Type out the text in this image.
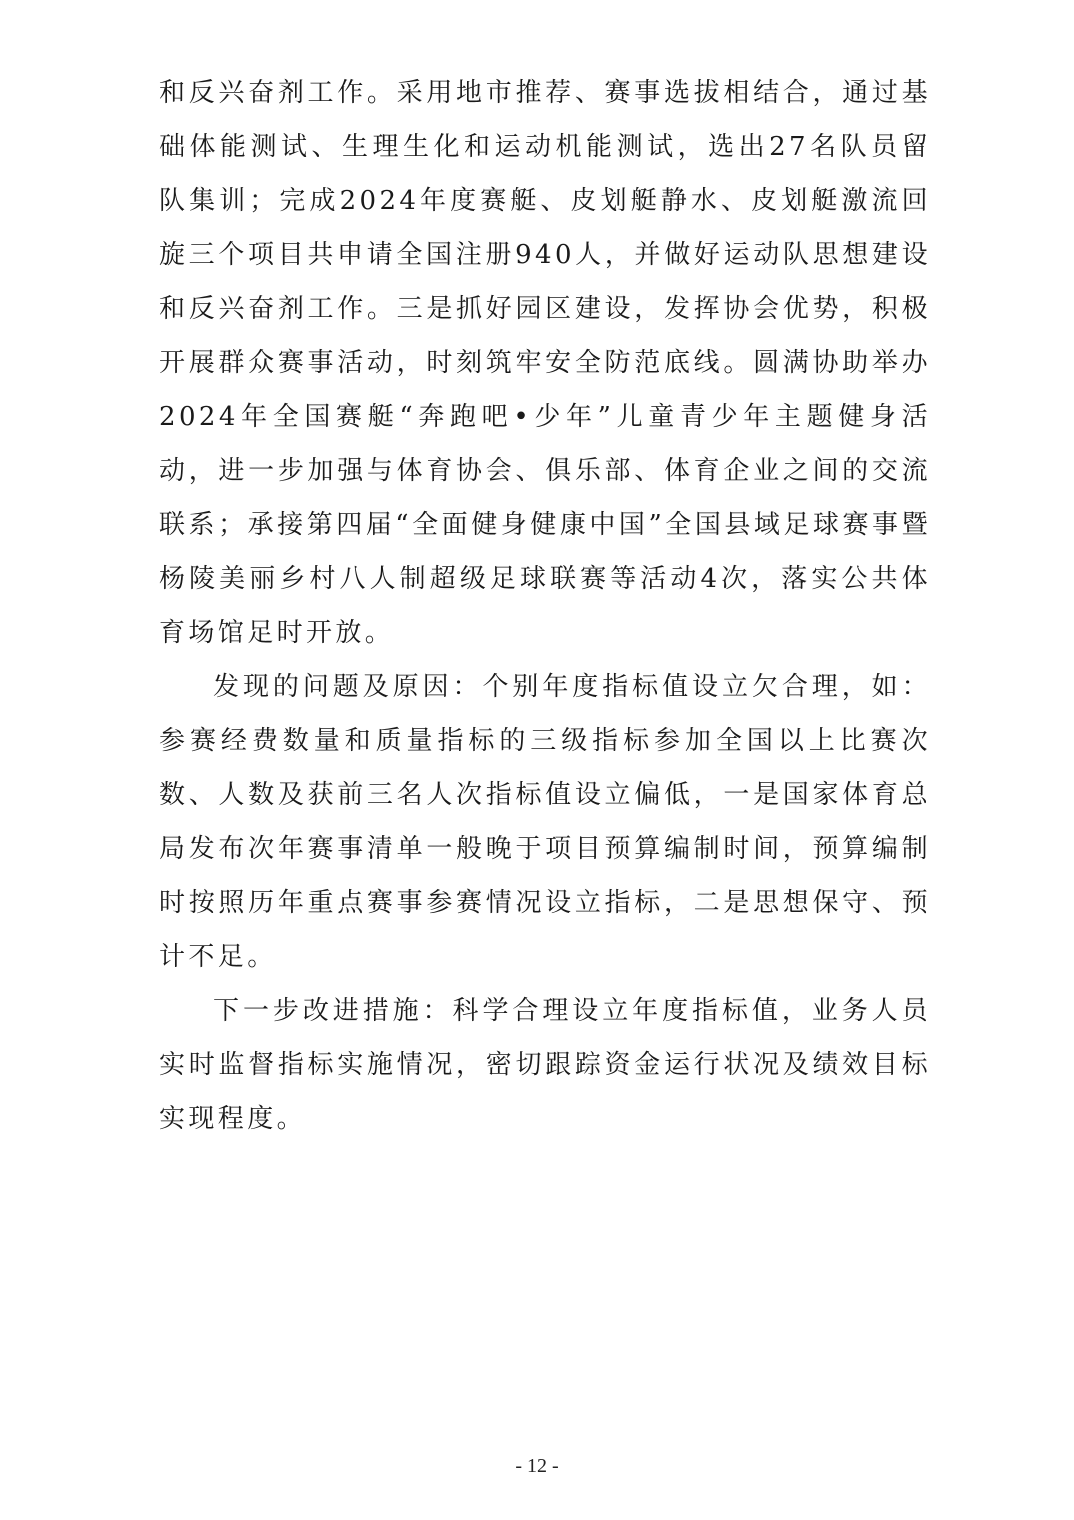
和反兴奋剂工作。采用地市推荐、赛事选拔相结合，通过基础体能测试、生理生化和运动机能测试，选出27名队员留队集训；完成2024年度赛艇、皮划艇静水、皮划艇激流回旋三个项目共申请全国注册940人，并做好运动队思想建设和反兴奋剂工作。三是抓好园区建设，发挥协会优势，积极开展群众赛事活动，时刻筑牢安全防范底线。圆满协助举办2024年全国赛艇“奔跑吧•少年”儿童青少年主题健身活动，进一步加强与体育协会、俱乐部、体育企业之间的交流联系；承接第四届“全面健身健康中国”全国县域足球赛事暨杨陵美丽乡村八人制超级足球联赛等活动4次，落实公共体育场馆足时开放。

发现的问题及原因：个别年度指标值设立欠合理，如：参赛经费数量和质量指标的三级指标参加全国以上比赛次数、人数及获前三名人次指标值设立偏低，一是国家体育总局发布次年赛事清单一般晚于项目预算编制时间，预算编制时按照历年重点赛事参赛情况设立指标，二是思想保守、预计不足。

下一步改进措施：科学合理设立年度指标值，业务人员实时监督指标实施情况，密切跟踪资金运行状况及绩效目标实现程度。

- 12 -
